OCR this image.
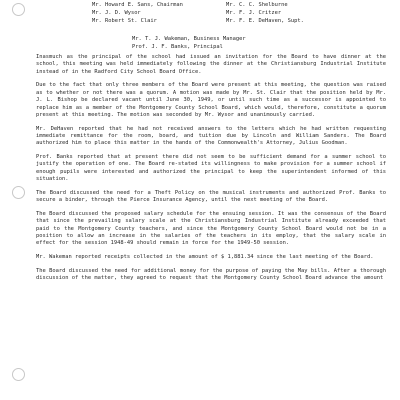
Mr. Howard E. Sans, Chairman	Mr. C. C. Shelburne
Mr. J. D. Wysor	Mr. F. J. Critzer
Mr. Robert St. Clair	Mr. F. E. DeHaven, Supt.
Mr. T. J. Wakeman, Business Manager
Prof. J. F. Banks, Principal

Inasmuch as the principal of the school had issued an invitation for the Board to have dinner at the school, this meeting was held immediately following the dinner at the Christiansburg Industrial Institute instead of in the Radford City School Board Office.

Due to the fact that only three members of the Board were present at this meeting, the question was raised as to whether or not there was a quorum. A motion was made by Mr. St. Clair that the position held by Mr. J. L. Bishop be declared vacant until June 30, 1949, or until such time as a successor is appointed to replace him as a member of the Montgomery County School Board, which would, therefore, constitute a quorum present at this meeting. The motion was seconded by Mr. Wysor and unanimously carried.

Mr. DeHaven reported that he had not received answers to the letters which he had written requesting immediate remittance for the room, board, and tuition due by Lincoln and William Sanders. The Board authorized him to place this matter in the hands of the Commonwealth's Attorney, Julius Goodman.

Prof. Banks reported that at present there did not seem to be sufficient demand for a summer school to justify the operation of one. The Board re-stated its willingness to make provision for a summer school if enough pupils were interested and authorized the principal to keep the superintendent informed of this situation.

The Board discussed the need for a Theft Policy on the musical instruments and authorized Prof. Banks to secure a binder, through the Pierce Insurance Agency, until the next meeting of the Board.

The Board discussed the proposed salary schedule for the ensuing session. It was the consensus of the Board that since the prevailing salary scale at the Christiansburg Industrial Institute already exceeded that paid to the Montgomery County teachers, and since the Montgomery County School Board would not be in a position to allow an increase in the salaries of the teachers in its employ, that the salary scale in effect for the session 1948-49 should remain in force for the 1949-50 session.

Mr. Wakeman reported receipts collected in the amount of $ 1,881.34 since the last meeting of the Board.

The Board discussed the need for additional money for the purpose of paying the May bills. After a thorough discussion of the matter, they agreed to request that the Montgomery County School Board advance the amount
